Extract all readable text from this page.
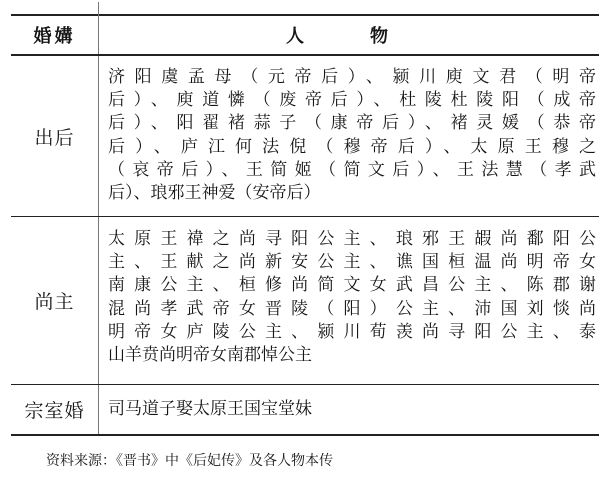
婚媾	人　物
出后
济阳虞孟母（元帝后）、颍川庾文君（明帝
后）、庾道憐（废帝后）、杜陵杜陵阳（成帝
后）、阳翟褚蒜子（康帝后）、褚灵媛（恭帝
后）、庐江何法倪（穆帝后）、太原王穆之
（哀帝后）、王简姬（简文后）、王法慧（孝武
后）、琅邪王神爱（安帝后）
尚主
太原王禕之尚寻阳公主、琅邪王嘏尚鄱阳公
主、王献之尚新安公主、谯国桓温尚明帝女
南康公主、桓修尚简文女武昌公主、陈郡谢
混尚孝武帝女晋陵（阳）公主、沛国刘惔尚
明帝女庐陵公主、颍川荀羡尚寻阳公主、泰
山羊贲尚明帝女南郡悼公主
宗室婚	司马道子娶太原王国宝堂妹
资料来源：《晋书》中《后妃传》及各人物本传
